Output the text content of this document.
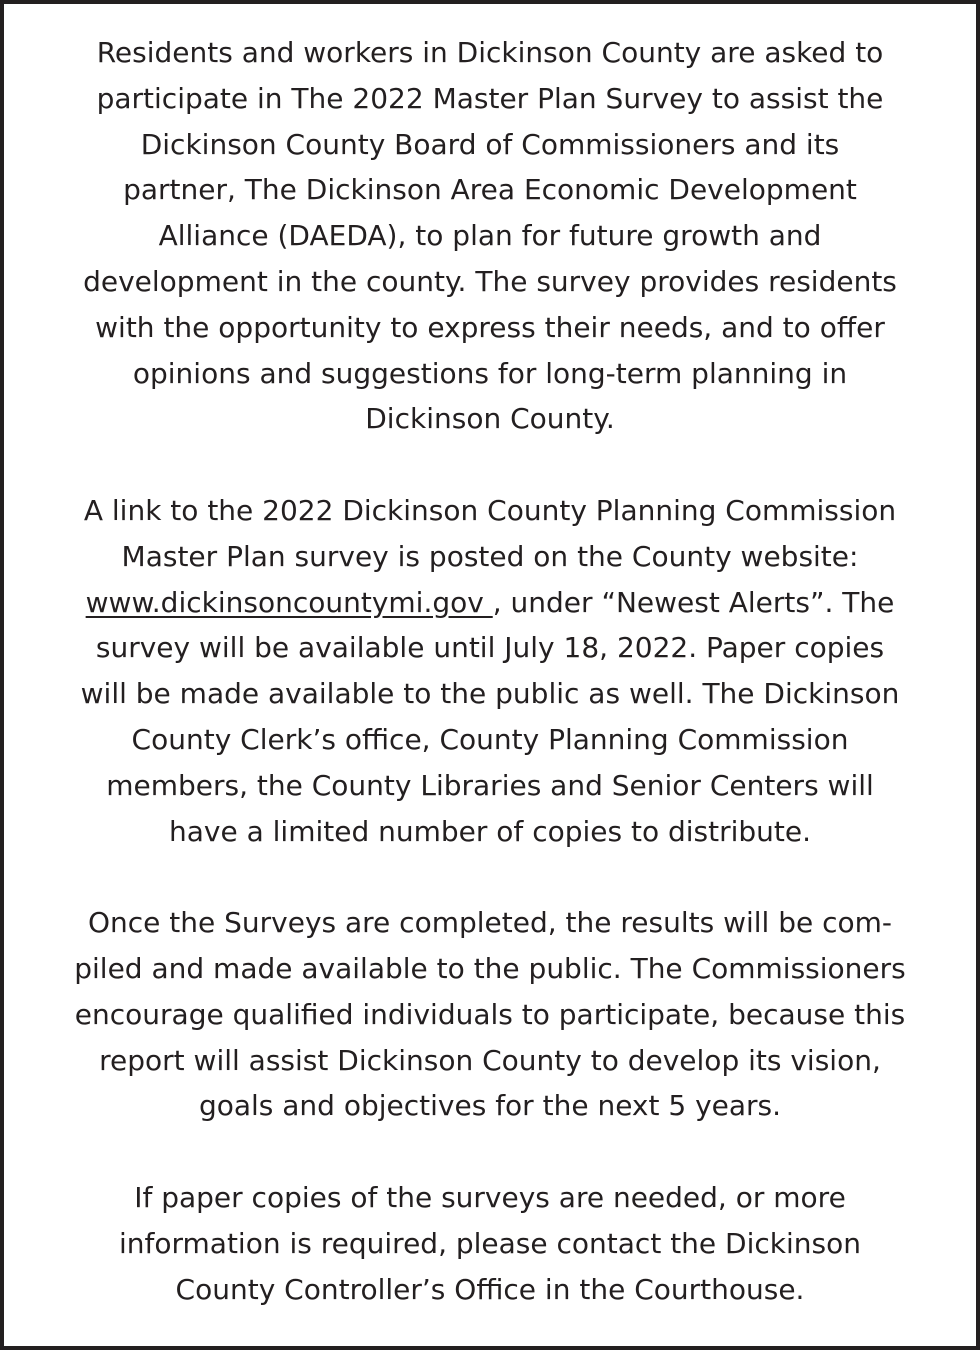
Residents and workers in Dickinson County are asked to
participate in The 2022 Master Plan Survey to assist the
Dickinson County Board of Commissioners and its
partner, The Dickinson Area Economic Development
Alliance (DAEDA), to plan for future growth and
development in the county. The survey provides residents
with the opportunity to express their needs, and to offer
opinions and suggestions for long-term planning in
Dickinson County.

A link to the 2022 Dickinson County Planning Commission
Master Plan survey is posted on the County website:
www.dickinsoncountymi.gov , under “Newest Alerts”. The
survey will be available until July 18, 2022. Paper copies
will be made available to the public as well. The Dickinson
County Clerk’s office, County Planning Commission
members, the County Libraries and Senior Centers will
have a limited number of copies to distribute.

Once the Surveys are completed, the results will be com-
piled and made available to the public. The Commissioners
encourage qualified individuals to participate, because this
report will assist Dickinson County to develop its vision,
goals and objectives for the next 5 years.

If paper copies of the surveys are needed, or more
information is required, please contact the Dickinson
County Controller’s Office in the Courthouse.
